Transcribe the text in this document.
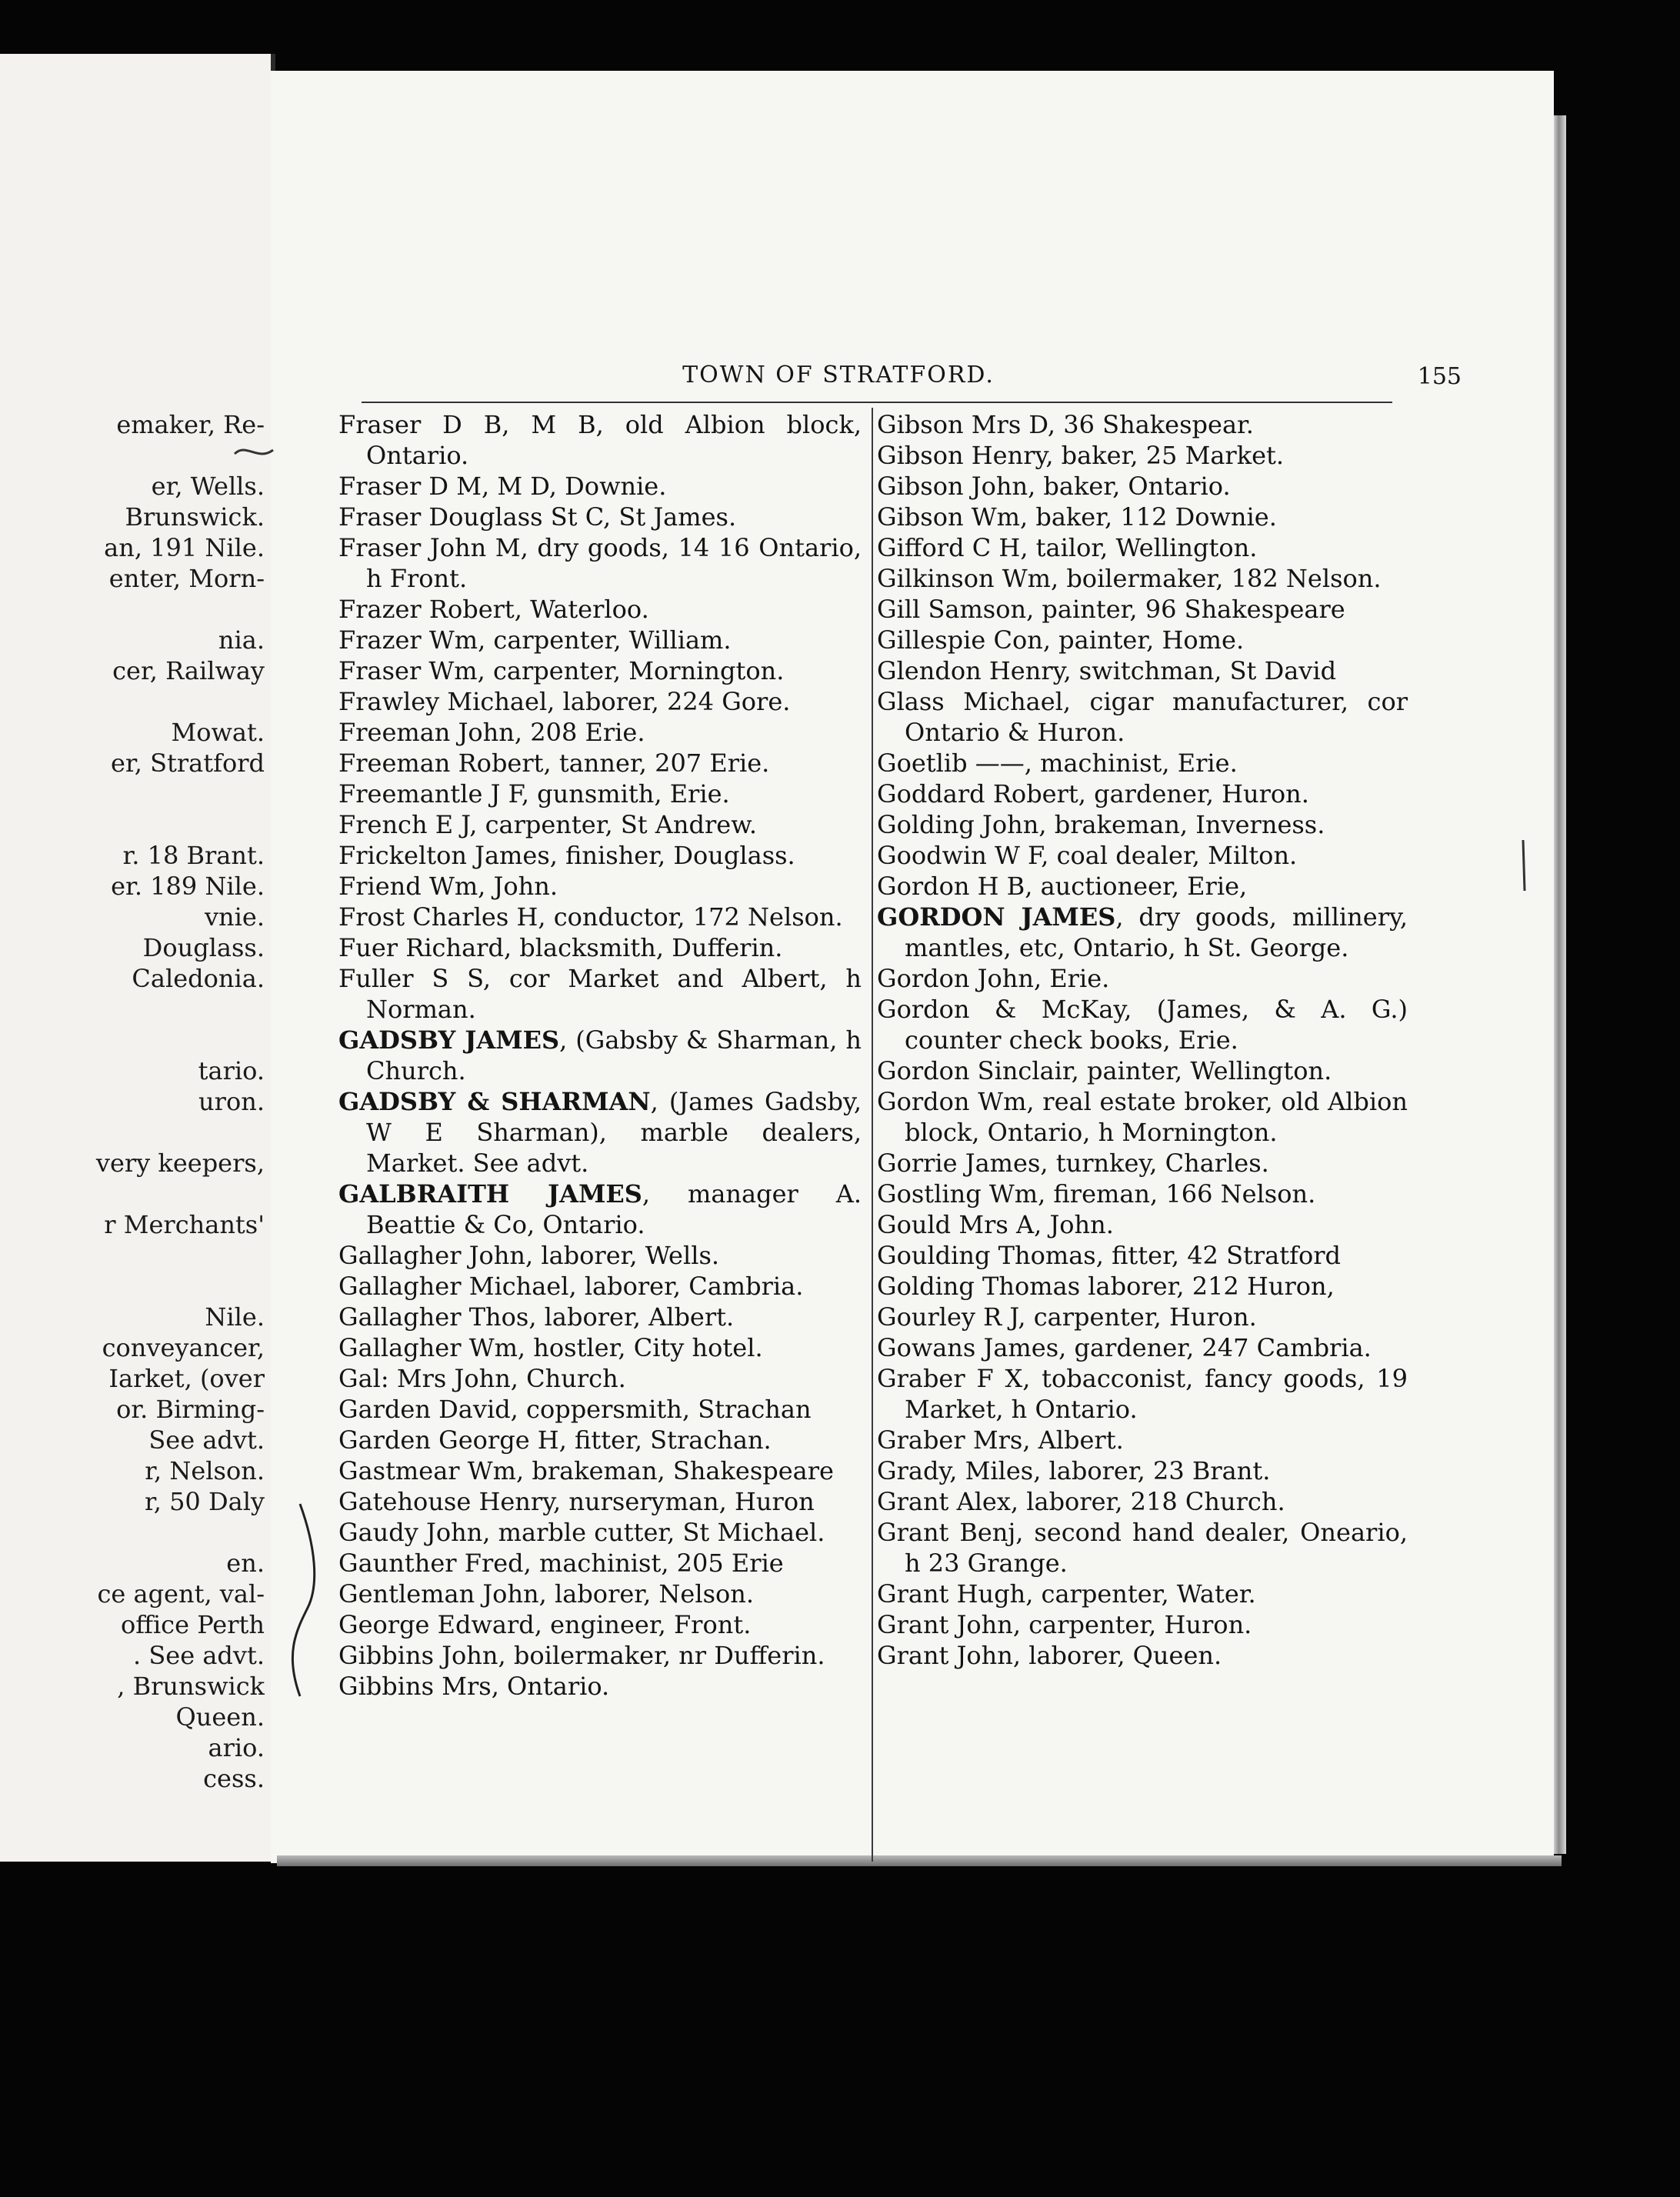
emaker, Re-
er, Wells.
Brunswick.
an, 191 Nile.
enter, Morn-
nia.
cer, Railway
Mowat.
er, Stratford
r. 18 Brant.
er. 189 Nile.
vnie.
Douglass.
Caledonia.
tario.
uron.
very keepers,
r Merchants'
Nile.
conveyancer,
Iarket, (over
or. Birming-
See advt.
r, Nelson.
r, 50 Daly
en.
ce agent, val-
office Perth
. See advt.
, Brunswick
Queen.
ario.
cess.
TOWN OF STRATFORD.	155
Fraser D B, M B, old Albion block, Ontario.
Fraser D M, M D, Downie.
Fraser Douglass St C, St James.
Fraser John M, dry goods, 14 16 Ontario, h Front.
Frazer Robert, Waterloo.
Frazer Wm, carpenter, William.
Fraser Wm, carpenter, Mornington.
Frawley Michael, laborer, 224 Gore.
Freeman John, 208 Erie.
Freeman Robert, tanner, 207 Erie.
Freemantle J F, gunsmith, Erie.
French E J, carpenter, St Andrew.
Frickelton James, finisher, Douglass.
Friend Wm, John.
Frost Charles H, conductor, 172 Nelson.
Fuer Richard, blacksmith, Dufferin.
Fuller S S, cor Market and Albert, h Norman.
GADSBY JAMES, (Gabsby & Sharman, h Church.
GADSBY & SHARMAN, (James Gadsby, W E Sharman), marble dealers, Market. See advt.
GALBRAITH JAMES, manager A. Beattie & Co, Ontario.
Gallagher John, laborer, Wells.
Gallagher Michael, laborer, Cambria.
Gallagher Thos, laborer, Albert.
Gallagher Wm, hostler, City hotel.
Gal: Mrs John, Church.
Garden David, coppersmith, Strachan
Garden George H, fitter, Strachan.
Gastmear Wm, brakeman, Shakespeare
Gatehouse Henry, nurseryman, Huron
Gaudy John, marble cutter, St Michael.
Gaunther Fred, machinist, 205 Erie
Gentleman John, laborer, Nelson.
George Edward, engineer, Front.
Gibbins John, boilermaker, nr Dufferin.
Gibbins Mrs, Ontario.
Gibson Mrs D, 36 Shakespear.
Gibson Henry, baker, 25 Market.
Gibson John, baker, Ontario.
Gibson Wm, baker, 112 Downie.
Gifford C H, tailor, Wellington.
Gilkinson Wm, boilermaker, 182 Nelson.
Gill Samson, painter, 96 Shakespeare
Gillespie Con, painter, Home.
Glendon Henry, switchman, St David
Glass Michael, cigar manufacturer, cor Ontario & Huron.
Goetlib ——, machinist, Erie.
Goddard Robert, gardener, Huron.
Golding John, brakeman, Inverness.
Goodwin W F, coal dealer, Milton.
Gordon H B, auctioneer, Erie,
GORDON JAMES, dry goods, millinery, mantles, etc, Ontario, h St. George.
Gordon John, Erie.
Gordon & McKay, (James, & A. G.) counter check books, Erie.
Gordon Sinclair, painter, Wellington.
Gordon Wm, real estate broker, old Albion block, Ontario, h Mornington.
Gorrie James, turnkey, Charles.
Gostling Wm, fireman, 166 Nelson.
Gould Mrs A, John.
Goulding Thomas, fitter, 42 Stratford
Golding Thomas laborer, 212 Huron,
Gourley R J, carpenter, Huron.
Gowans James, gardener, 247 Cambria.
Graber F X, tobacconist, fancy goods, 19 Market, h Ontario.
Graber Mrs, Albert.
Grady, Miles, laborer, 23 Brant.
Grant Alex, laborer, 218 Church.
Grant Benj, second hand dealer, Oneario, h 23 Grange.
Grant Hugh, carpenter, Water.
Grant John, carpenter, Huron.
Grant John, laborer, Queen.
